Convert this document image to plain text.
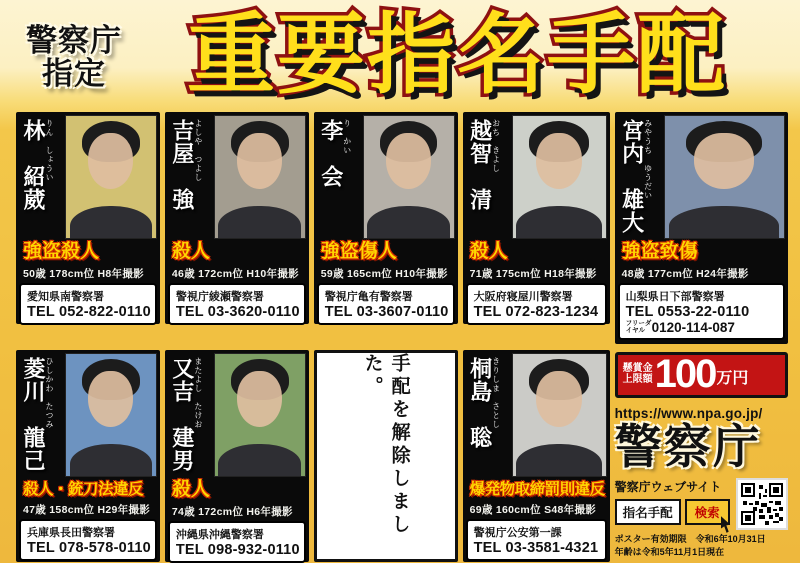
警察庁
指定 重要指名手配
林　紹葳 りん　しょうい
強盗殺人
50歳 178cm位 H8年撮影
愛知県南警察署
TEL 052-822-0110
吉屋　強 よしや　つよし
殺人
46歳 172cm位 H10年撮影
警視庁綾瀬警察署
TEL 03-3620-0110
李　会 り　かい
強盗傷人
59歳 165cm位 H10年撮影
警視庁亀有警察署
TEL 03-3607-0110
越智　清 おち　きよし
殺人
71歳 175cm位 H18年撮影
大阪府寝屋川警察署
TEL 072-823-1234
宮内　雄大 みやうち　ゆうだい
強盗致傷
48歳 177cm位 H24年撮影
山梨県日下部警察署
TEL 0553-22-0110
フリーダイヤル 0120-114-087
菱川　龍己 ひしかわ　たつみ
殺人・銃刀法違反
47歳 158cm位 H29年撮影
兵庫県長田警察署
TEL 078-578-0110
又吉　建男 またよし　たけお
殺人
74歳 172cm位 H6年撮影
沖縄県沖縄警察署
TEL 098-932-0110
手配を解除しました。	桐島　聡 きりしま　さとし
爆発物取締罰則違反
69歳 160cm位 S48年撮影
警視庁公安第一課
TEL 03-3581-4321
懸賞金
上限額 100 万円
https://www.npa.go.jp/
警察庁
警察庁ウェブサイト
指名手配	検索
ポスター有効期限　令和6年10月31日
年齢は令和5年11月1日現在
